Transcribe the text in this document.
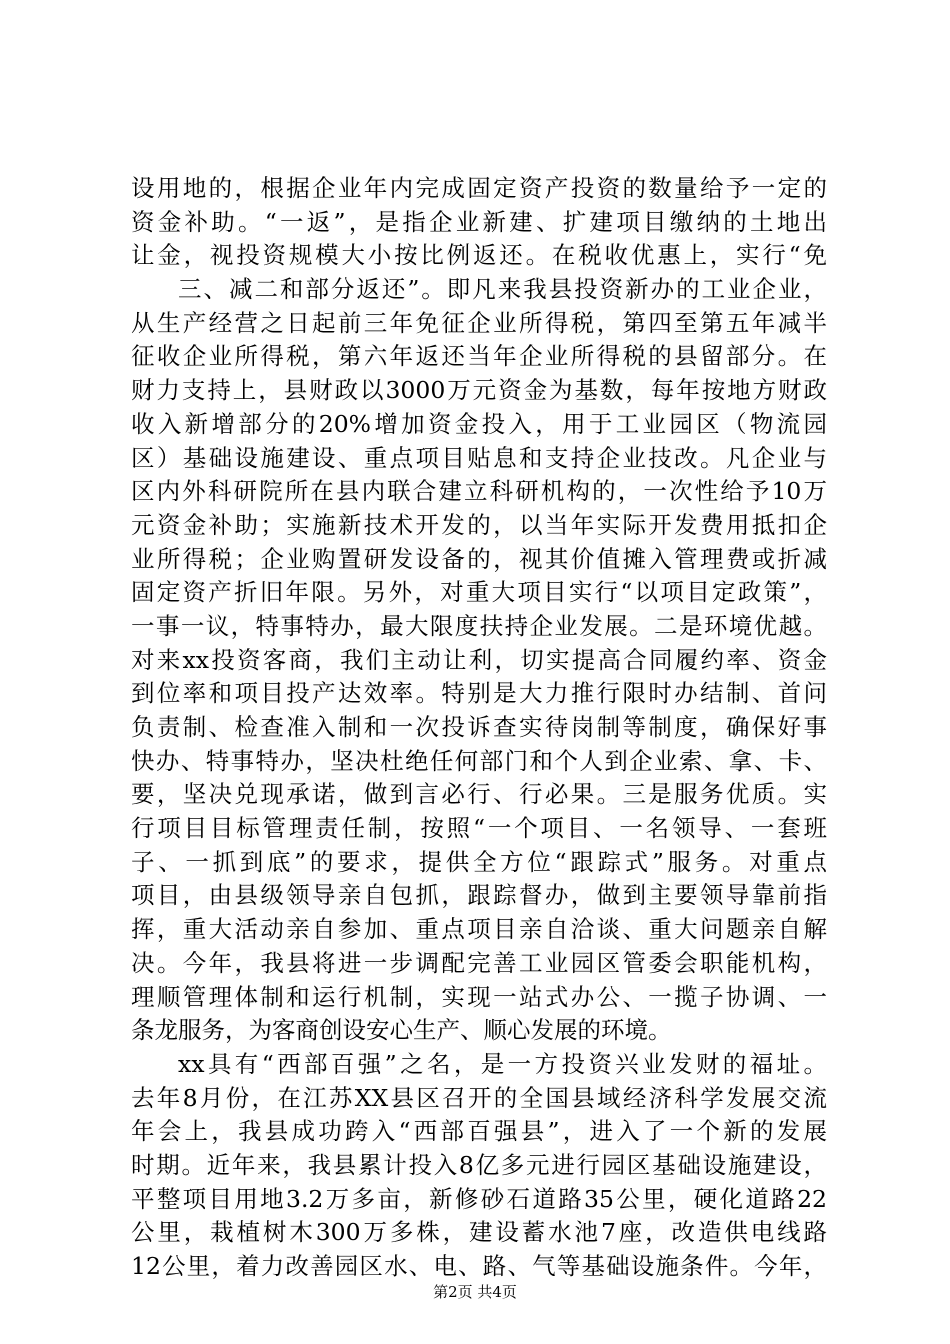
设用地的，根据企业年内完成固定资产投资的数量给予一定的
资金补助。“一返”，是指企业新建、扩建项目缴纳的土地出
让金，视投资规模大小按比例返还。在税收优惠上，实行“免
三、减二和部分返还”。即凡来我县投资新办的工业企业，
从生产经营之日起前三年免征企业所得税，第四至第五年减半
征收企业所得税，第六年返还当年企业所得税的县留部分。在
财力支持上，县财政以3000万元资金为基数，每年按地方财政
收入新增部分的20%增加资金投入，用于工业园区（物流园
区）基础设施建设、重点项目贴息和支持企业技改。凡企业与
区内外科研院所在县内联合建立科研机构的，一次性给予10万
元资金补助；实施新技术开发的，以当年实际开发费用抵扣企
业所得税；企业购置研发设备的，视其价值摊入管理费或折减
固定资产折旧年限。另外，对重大项目实行“以项目定政策”，
一事一议，特事特办，最大限度扶持企业发展。二是环境优越。
对来xx投资客商，我们主动让利，切实提高合同履约率、资金
到位率和项目投产达效率。特别是大力推行限时办结制、首问
负责制、检查准入制和一次投诉查实待岗制等制度，确保好事
快办、特事特办，坚决杜绝任何部门和个人到企业索、拿、卡、
要，坚决兑现承诺，做到言必行、行必果。三是服务优质。实
行项目目标管理责任制，按照“一个项目、一名领导、一套班
子、一抓到底”的要求，提供全方位“跟踪式”服务。对重点
项目，由县级领导亲自包抓，跟踪督办，做到主要领导靠前指
挥，重大活动亲自参加、重点项目亲自洽谈、重大问题亲自解
决。今年，我县将进一步调配完善工业园区管委会职能机构，
理顺管理体制和运行机制，实现一站式办公、一揽子协调、一
条龙服务，为客商创设安心生产、顺心发展的环境。
xx具有“西部百强”之名，是一方投资兴业发财的福址。
去年8月份，在江苏XX县区召开的全国县域经济科学发展交流
年会上，我县成功跨入“西部百强县”，进入了一个新的发展
时期。近年来，我县累计投入8亿多元进行园区基础设施建设，
平整项目用地3.2万多亩，新修砂石道路35公里，硬化道路22
公里，栽植树木300万多株，建设蓄水池7座，改造供电线路
12公里，着力改善园区水、电、路、气等基础设施条件。今年，
第2页 共4页
